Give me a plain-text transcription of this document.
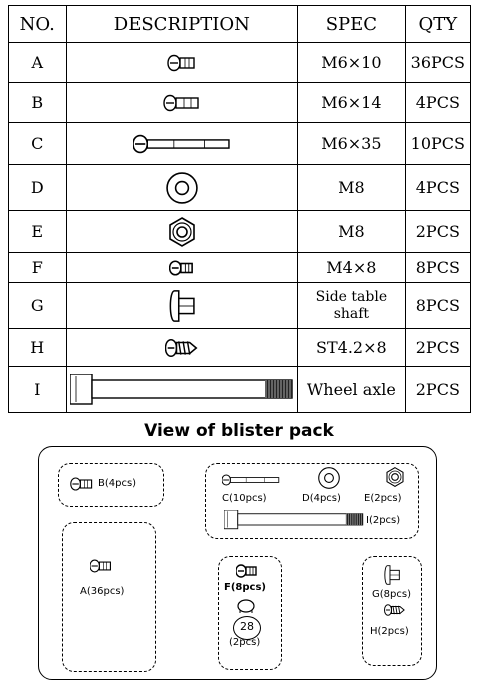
NO.	DESCRIPTION	SPEC	QTY
A		M6×10	36PCS
B		M6×14	4PCS
C		M6×35	10PCS
D		M8	4PCS
E		M8	2PCS
F		M4×8	8PCS
G		Side table shaft	8PCS
H		ST4.2×8	2PCS
I		Wheel axle	2PCS
View of blister pack
B(4pcs)
C(10pcs)	D(4pcs) E(2pcs)
I(2pcs)
A(36pcs)	F(8pcs)
28
(2pcs)
G(8pcs)
H(2pcs)
